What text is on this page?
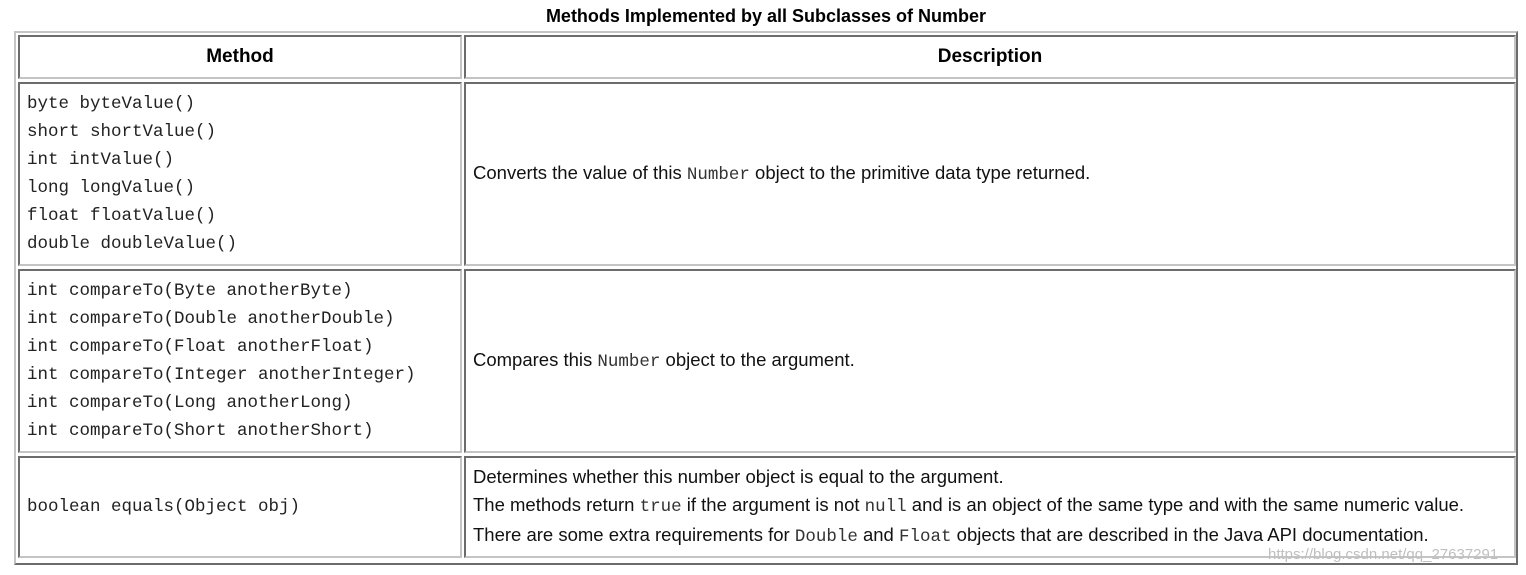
Methods Implemented by all Subclasses of Number
Method	Description
byte byteValue()
short shortValue()
int intValue()
long longValue()
float floatValue()
double doubleValue()
Converts the value of this Number object to the primitive data type returned.
int compareTo(Byte anotherByte)
int compareTo(Double anotherDouble)
int compareTo(Float anotherFloat)
int compareTo(Integer anotherInteger)
int compareTo(Long anotherLong)
int compareTo(Short anotherShort)
Compares this Number object to the argument.
boolean equals(Object obj)
Determines whether this number object is equal to the argument.
The methods return true if the argument is not null and is an object of the same type and with the same numeric value.
There are some extra requirements for Double and Float objects that are described in the Java API documentation.
https://blog.csdn.net/qq_27637291
